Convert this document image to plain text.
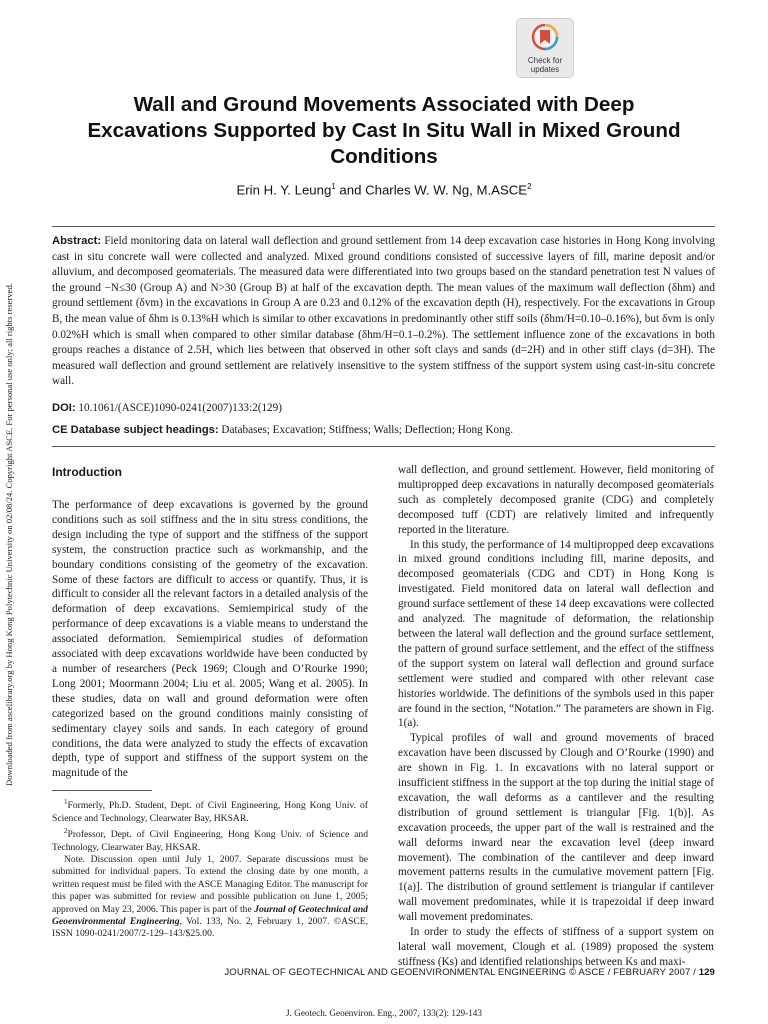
Downloaded from ascelibrary.org by Hong Kong Polytechnic University on 02/08/24. Copyright ASCE. For personal use only; all rights reserved.
Check for updates
Wall and Ground Movements Associated with Deep Excavations Supported by Cast In Situ Wall in Mixed Ground Conditions
Erin H. Y. Leung$^1$ and Charles W. W. Ng, M.ASCE$^2$
Abstract: Field monitoring data on lateral wall deflection and ground settlement from 14 deep excavation case histories in Hong Kong involving cast in situ concrete wall were collected and analyzed. Mixed ground conditions consisted of successive layers of fill, marine deposit and/or alluvium, and decomposed geomaterials. The measured data were differentiated into two groups based on the standard penetration test N values of the ground −N≤30 (Group A) and N>30 (Group B) at half of the excavation depth. The mean values of the maximum wall deflection (δhm) and ground settlement (δvm) in the excavations in Group A are 0.23 and 0.12% of the excavation depth (H), respectively. For the excavations in Group B, the mean value of δhm is 0.13%H which is similar to other excavations in predominantly other stiff soils (δhm/H=0.10–0.16%), but δvm is only 0.02%H which is small when compared to other similar database (δhm/H=0.1–0.2%). The settlement influence zone of the excavations in both groups reaches a distance of 2.5H, which lies between that observed in other soft clays and sands (d=2H) and in other stiff clays (d=3H). The measured wall deflection and ground settlement are relatively insensitive to the system stiffness of the support system using cast-in-situ concrete wall.
DOI: 10.1061/(ASCE)1090-0241(2007)133:2(129)
CE Database subject headings: Databases; Excavation; Stiffness; Walls; Deflection; Hong Kong.
Introduction

The performance of deep excavations is governed by the ground conditions such as soil stiffness and the in situ stress conditions, the design including the type of support and the stiffness of the support system, the construction practice such as workmanship, and the boundary conditions consisting of the geometry of the excavation. Some of these factors are difficult to access or quantify. Thus, it is difficult to consider all the relevant factors in a detailed analysis of the deformation of deep excavations. Semiempirical study of the performance of deep excavations is a viable means to understand the associated deformation. Semiempirical studies of deformation associated with deep excavations worldwide have been conducted by a number of researchers (Peck 1969; Clough and O’Rourke 1990; Long 2001; Moormann 2004; Liu et al. 2005; Wang et al. 2005). In these studies, data on wall and ground deformation were often categorized based on the ground conditions mainly consisting of sedimentary clayey soils and sands. In each category of ground conditions, the data were analyzed to study the effects of excavation depth, type of support and stiffness of the support system on the magnitude of the

$^1$Formerly, Ph.D. Student, Dept. of Civil Engineering, Hong Kong Univ. of Science and Technology, Clearwater Bay, HKSAR.

$^2$Professor, Dept. of Civil Engineering, Hong Kong Univ. of Science and Technology, Clearwater Bay, HKSAR.

Note. Discussion open until July 1, 2007. Separate discussions must be submitted for individual papers. To extend the closing date by one month, a written request must be filed with the ASCE Managing Editor. The manuscript for this paper was submitted for review and possible publication on June 1, 2005; approved on May 23, 2006. This paper is part of the Journal of Geotechnical and Geoenvironmental Engineering, Vol. 133, No. 2, February 1, 2007. ©ASCE, ISSN 1090-0241/2007/2-129–143/$25.00.

wall deflection, and ground settlement. However, field monitoring of multipropped deep excavations in naturally decomposed geomaterials such as completely decomposed granite (CDG) and completely decomposed tuff (CDT) are relatively limited and infrequently reported in the literature.

In this study, the performance of 14 multipropped deep excavations in mixed ground conditions including fill, marine deposits, and decomposed geomaterials (CDG and CDT) in Hong Kong is investigated. Field monitored data on lateral wall deflection and ground surface settlement of these 14 deep excavations were collected and analyzed. The magnitude of deformation, the relationship between the lateral wall deflection and the ground surface settlement, the pattern of ground surface settlement, and the effect of the stiffness of the support system on lateral wall deflection and ground surface settlement were studied and compared with other relevant case histories worldwide. The definitions of the symbols used in this paper are found in the section, “Notation.” The parameters are shown in Fig. 1(a).

Typical profiles of wall and ground movements of braced excavation have been discussed by Clough and O’Rourke (1990) and are shown in Fig. 1. In excavations with no lateral support or insufficient stiffness in the support at the top during the initial stage of excavation, the wall deforms as a cantilever and the resulting distribution of ground settlement is triangular [Fig. 1(b)]. As excavation proceeds, the upper part of the wall is restrained and the wall deforms inward near the excavation level (deep inward movement). The combination of the cantilever and deep inward movement patterns results in the cumulative movement pattern [Fig. 1(a)]. The distribution of ground settlement is triangular if cantilever wall movement predominates, while it is trapezoidal if deep inward wall movement predominates.

In order to study the effects of stiffness of a support system on lateral wall movement, Clough et al. (1989) proposed the system stiffness (Ks) and identified relationships between Ks and maxi-

JOURNAL OF GEOTECHNICAL AND GEOENVIRONMENTAL ENGINEERING © ASCE / FEBRUARY 2007 / 129
J. Geotech. Geoenviron. Eng., 2007, 133(2): 129-143
